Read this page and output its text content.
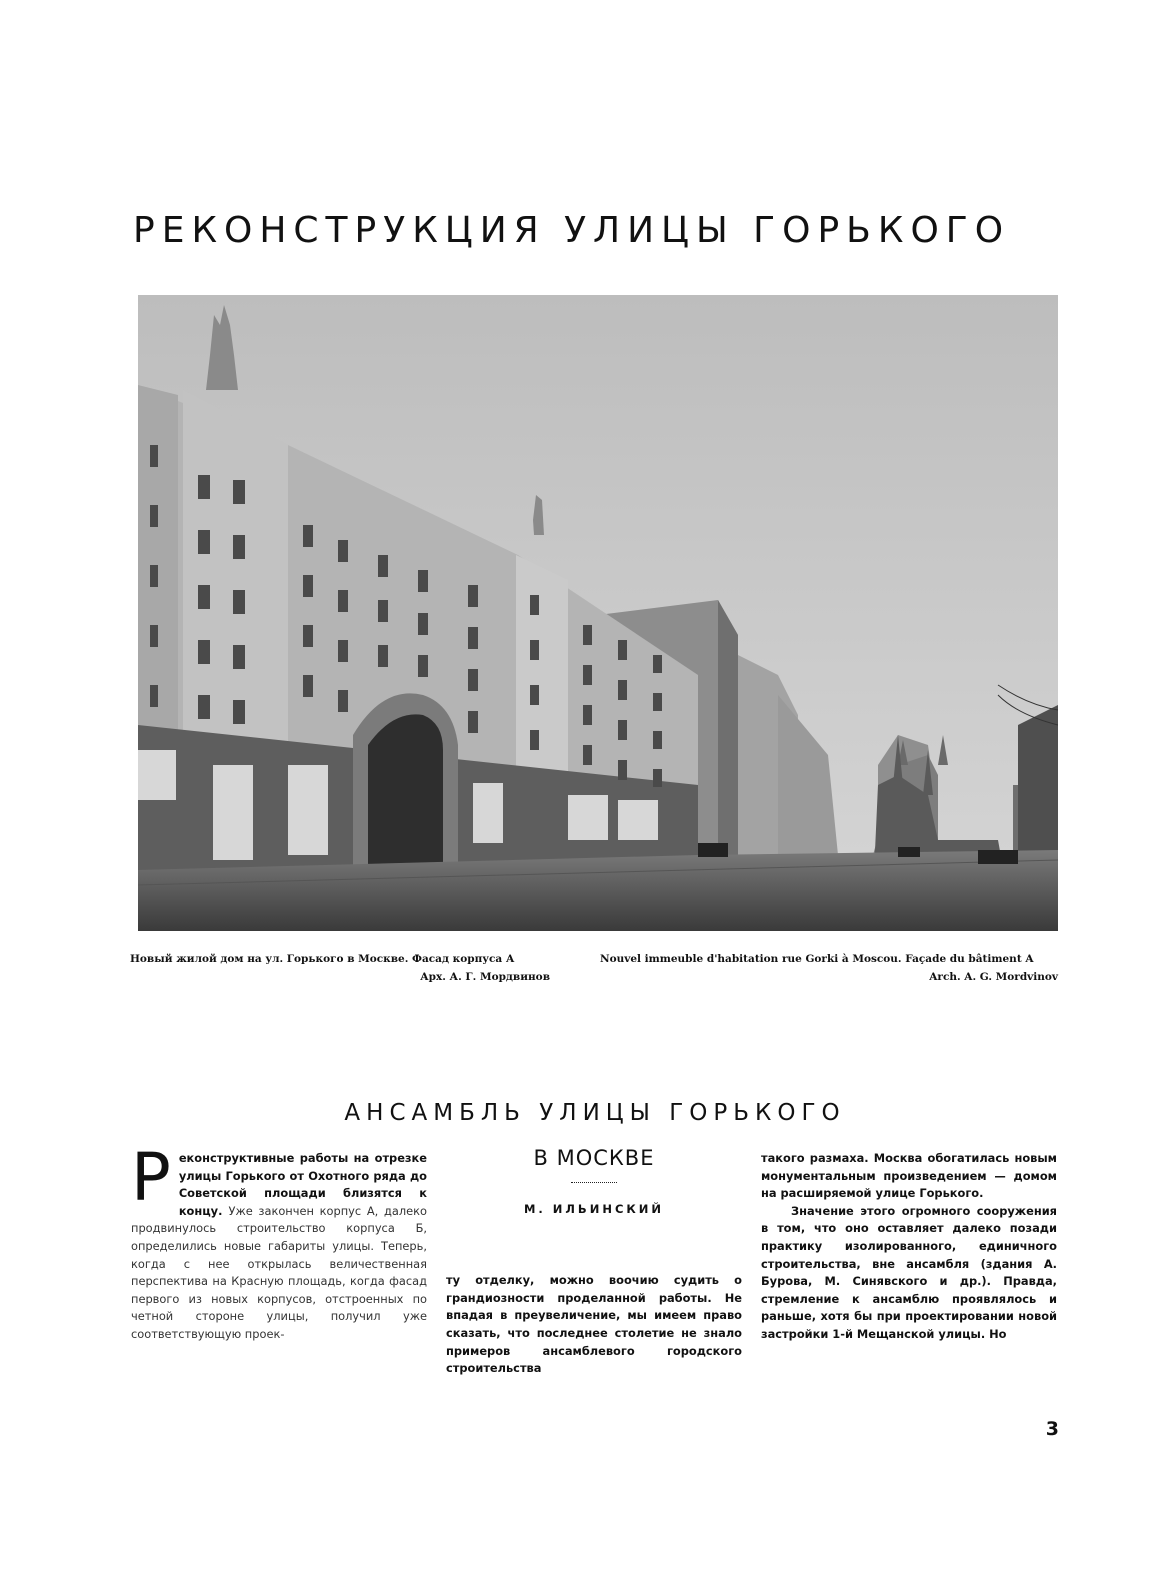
РЕКОНСТРУКЦИЯ УЛИЦЫ ГОРЬКОГО
Новый жилой дом на ул. Горького в Москве. Фасад корпуса А
Арх. А. Г. Мордвинов
Nouvel immeuble d'habitation rue Gorki à Moscou. Façade du bâtiment A
Arch. A. G. Mordvinov
АНСАМБЛЬ УЛИЦЫ ГОРЬКОГО

Реконструктивные работы на отрезке улицы Горького от Охотного ряда до Советской площади близятся к концу. Уже закончен корпус А, далеко продвинулось строительство корпуса Б, определились новые габариты улицы. Теперь, когда с нее открылась величественная перспектива на Красную площадь, когда фасад первого из новых корпусов, отстроенных по четной стороне улицы, получил уже соответствующую проек-

В МОСКВЕ
М. ИЛЬИНСКИЙ

ту отделку, можно воочию судить о грандиозности проделанной работы. Не впадая в преувеличение, мы имеем право сказать, что последнее столетие не знало примеров ансамблевого городского строительства

такого размаха. Москва обогатилась новым монументальным произведением — домом на расширяемой улице Горького.

Значение этого огромного сооружения в том, что оно оставляет далеко позади практику изолированного, единичного строительства, вне ансамбля (здания А. Бурова, М. Синявского и др.). Правда, стремление к ансамблю проявлялось и раньше, хотя бы при проектировании новой застройки 1-й Мещанской улицы. Но

3
